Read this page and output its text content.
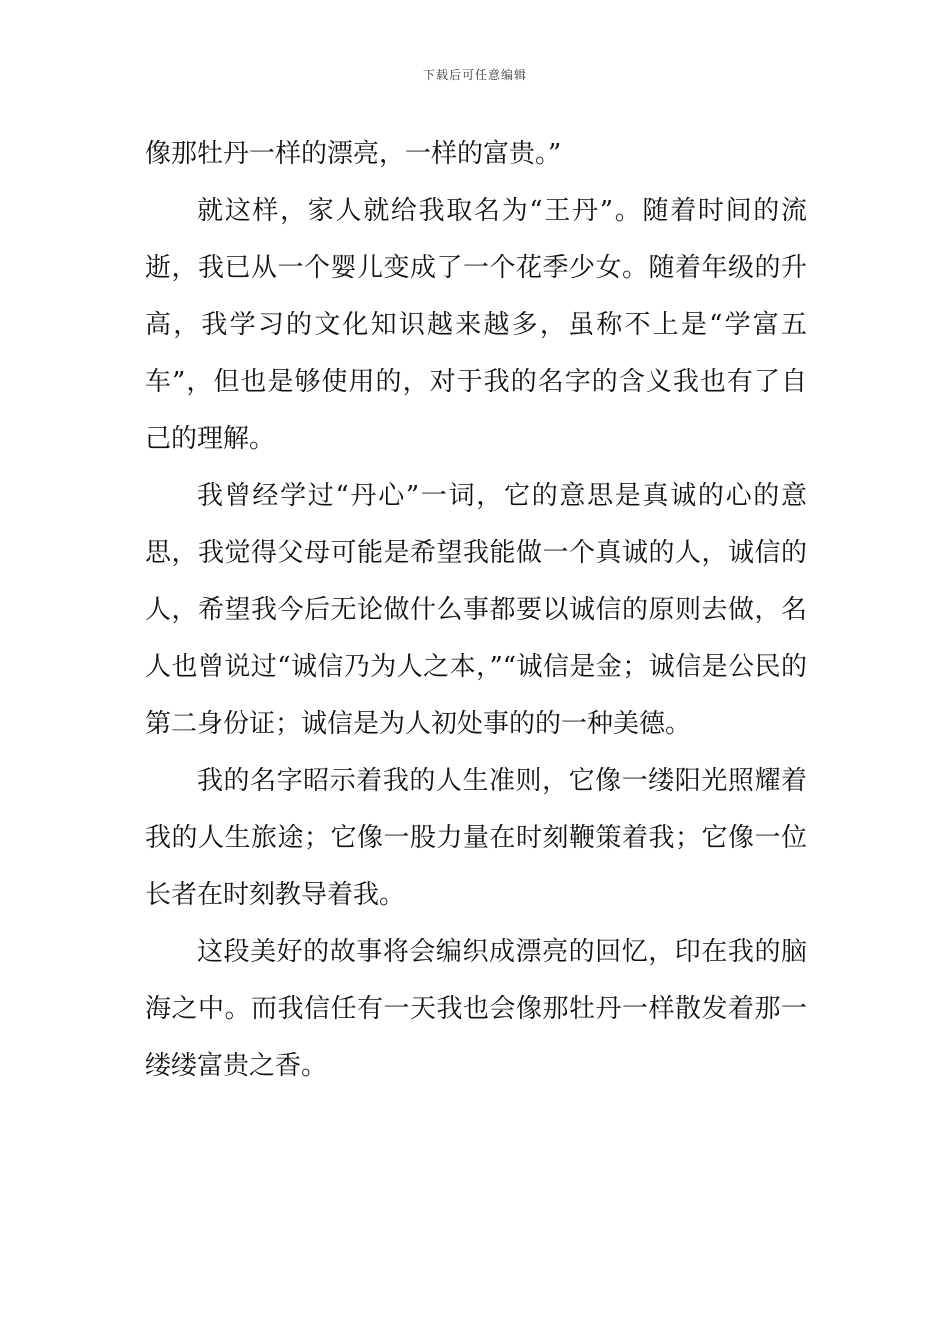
下载后可任意编辑

像那牡丹一样的漂亮，一样的富贵。”

就这样，家人就给我取名为“王丹”。随着时间的流逝，我已从一个婴儿变成了一个花季少女。随着年级的升高，我学习的文化知识越来越多，虽称不上是“学富五车”，但也是够使用的，对于我的名字的含义我也有了自己的理解。

我曾经学过“丹心”一词，它的意思是真诚的心的意思，我觉得父母可能是希望我能做一个真诚的人，诚信的人，希望我今后无论做什么事都要以诚信的原则去做，名人也曾说过“诚信乃为人之本，”“诚信是金；诚信是公民的第二身份证；诚信是为人初处事的的一种美德。

我的名字昭示着我的人生准则，它像一缕阳光照耀着我的人生旅途；它像一股力量在时刻鞭策着我；它像一位长者在时刻教导着我。

这段美好的故事将会编织成漂亮的回忆，印在我的脑海之中。而我信任有一天我也会像那牡丹一样散发着那一缕缕富贵之香。
